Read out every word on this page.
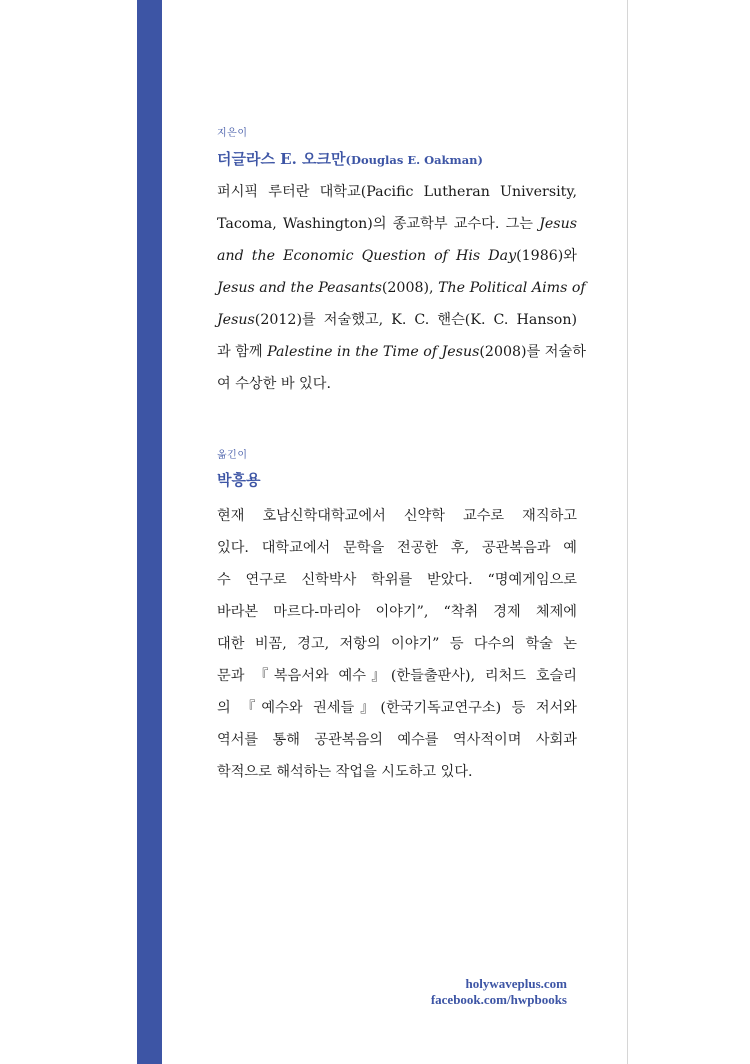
지은이
더글라스 E. 오크만(Douglas E. Oakman)
퍼시픽 루터란 대학교(Pacific Lutheran University,
Tacoma, Washington)의 종교학부 교수다. 그는 Jesus
and the Economic Question of His Day(1986)와
Jesus and the Peasants(2008), The Political Aims of
Jesus(2012)를 저술했고, K. C. 핸슨(K. C. Hanson)
과 함께 Palestine in the Time of Jesus(2008)를 저술하
여 수상한 바 있다.
옮긴이
박흥용
현재 호남신학대학교에서 신약학 교수로 재직하고
있다. 대학교에서 문학을 전공한 후, 공관복음과 예
수 연구로 신학박사 학위를 받았다. “명예게임으로
바라본 마르다-마리아 이야기”, “착취 경제 체제에
대한 비꼼, 경고, 저항의 이야기” 등 다수의 학술 논
문과 『복음서와 예수』(한들출판사), 리처드 호슬리
의 『예수와 권세들』(한국기독교연구소) 등 저서와
역서를 통해 공관복음의 예수를 역사적이며 사회과
학적으로 해석하는 작업을 시도하고 있다.
holywaveplus.com
facebook.com/hwpbooks
